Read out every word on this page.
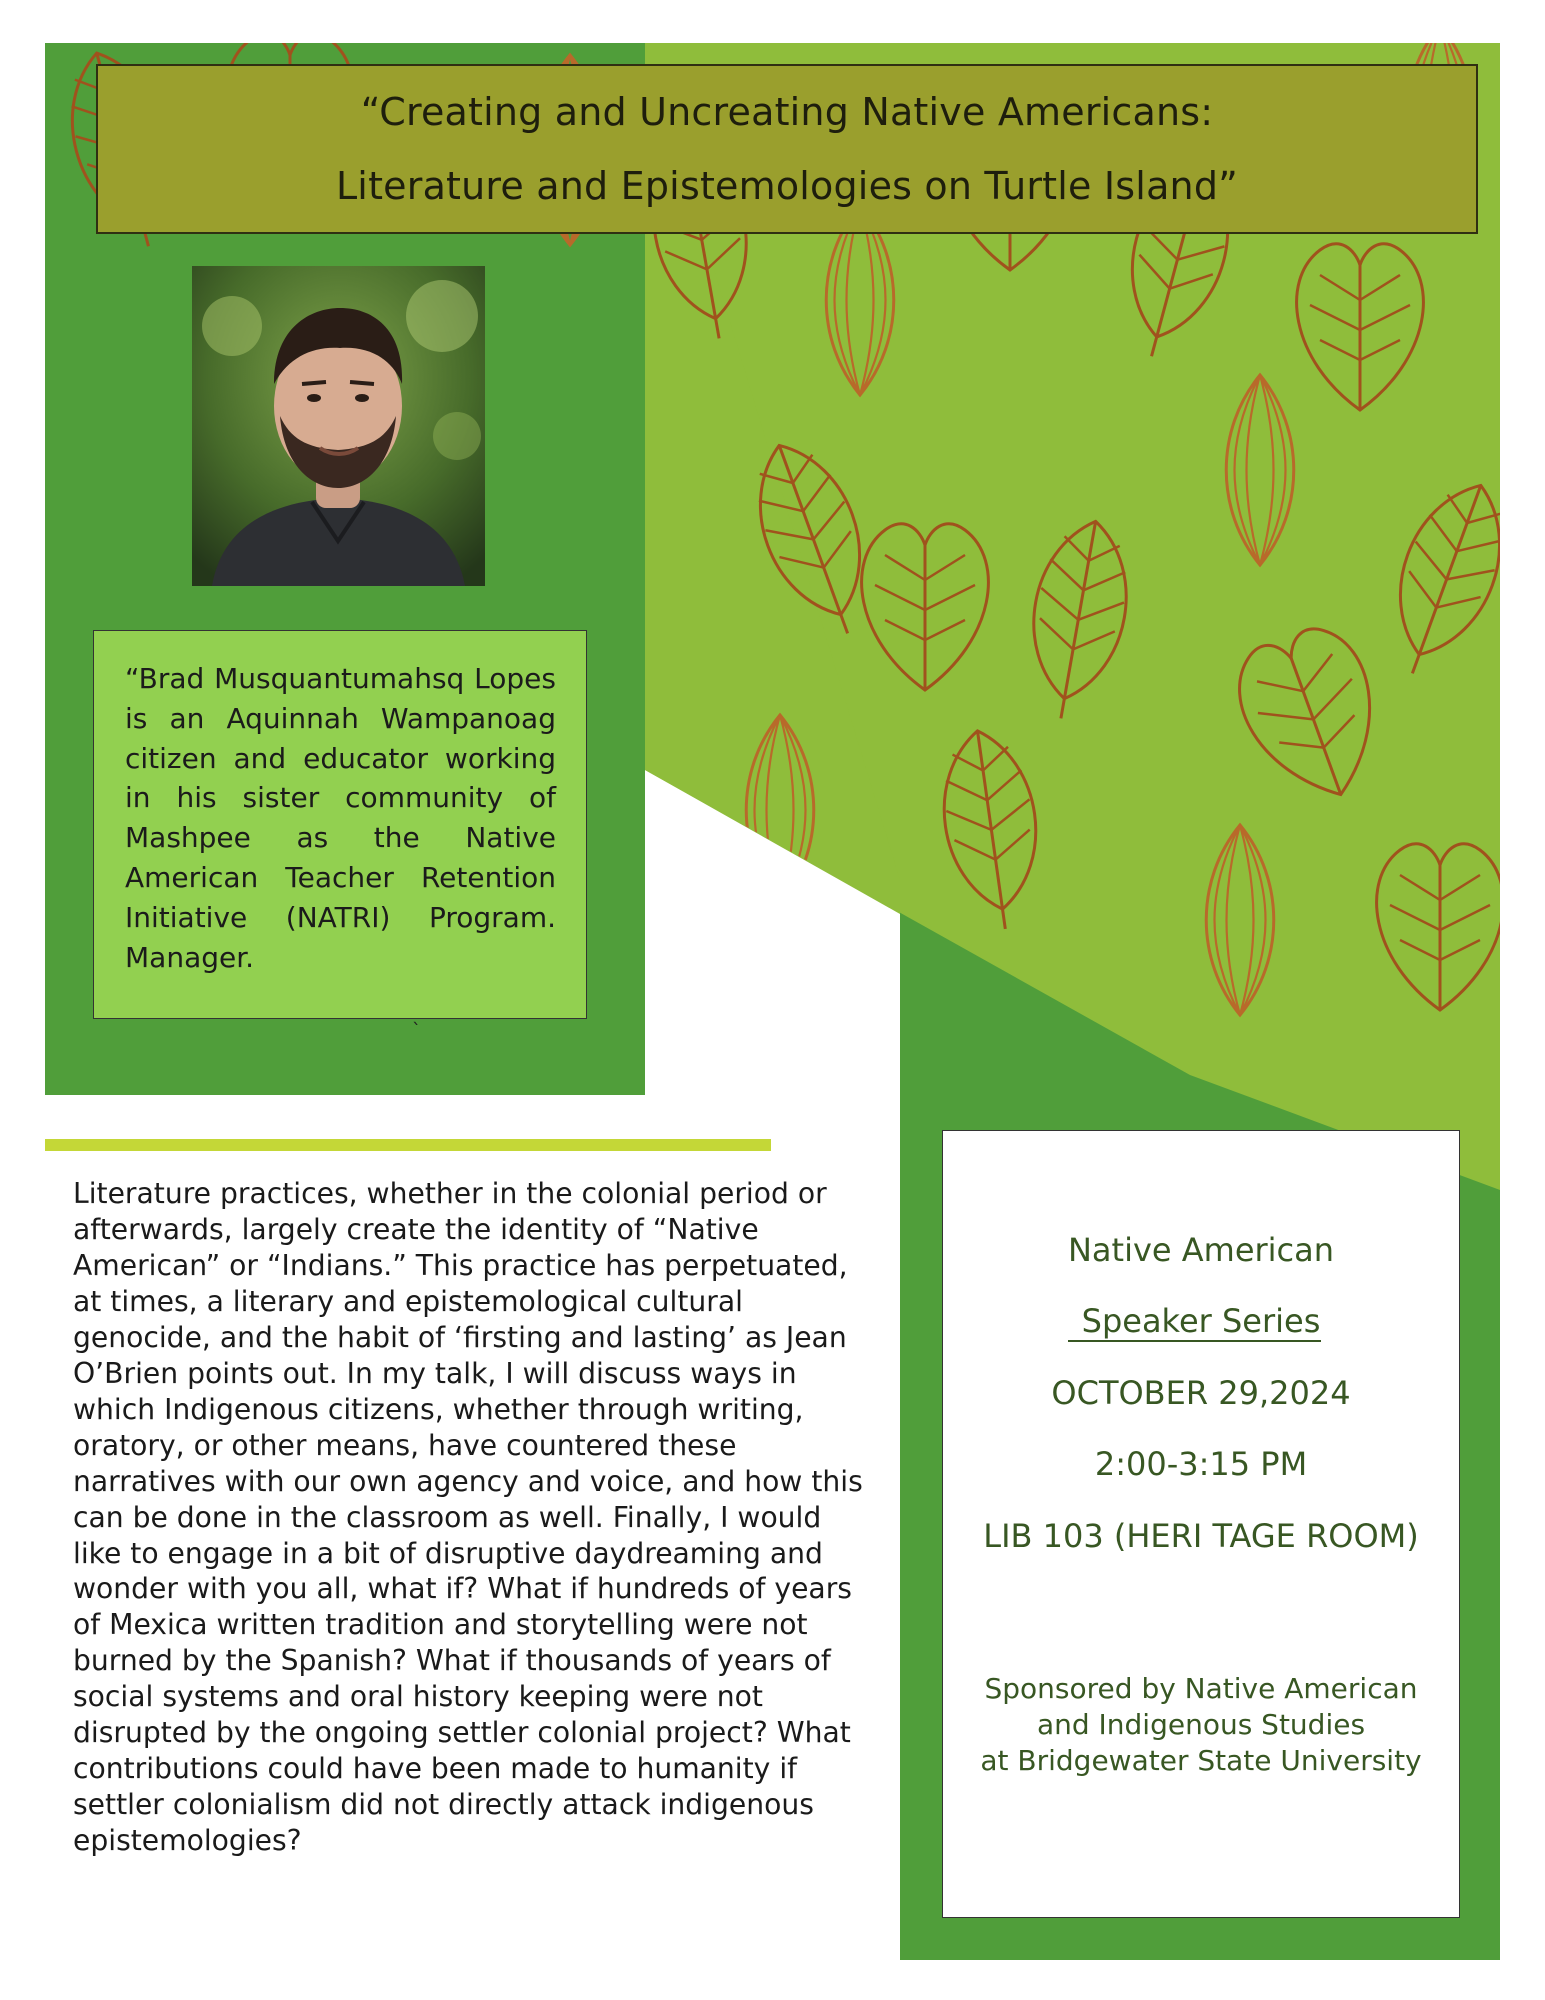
“Creating and Uncreating Native Americans:
Literature and Epistemologies on Turtle Island”

“Brad Musquantumahsq Lopes is an Aquinnah Wampanoag citizen and educator working in his sister community of Mashpee as the Native American Teacher Retention Initiative (NATRI) Program. Manager.

`

Literature practices, whether in the colonial period or afterwards, largely create the identity of “Native American” or “Indians.” This practice has perpetuated, at times, a literary and epistemological cultural genocide, and the habit of ‘firsting and lasting’ as Jean O’Brien points out. In my talk, I will discuss ways in which Indigenous citizens, whether through writing, oratory, or other means, have countered these narratives with our own agency and voice, and how this can be done in the classroom as well. Finally, I would like to engage in a bit of disruptive daydreaming and wonder with you all, what if? What if hundreds of years of Mexica written tradition and storytelling were not burned by the Spanish? What if thousands of years of social systems and oral history keeping were not disrupted by the ongoing settler colonial project? What contributions could have been made to humanity if settler colonialism did not directly attack indigenous epistemologies?

Native American
Speaker Series
OCTOBER 29,2024
2:00-3:15 PM
LIB 103 (HERI TAGE ROOM)
Sponsored by Native American
and Indigenous Studies
at Bridgewater State University
